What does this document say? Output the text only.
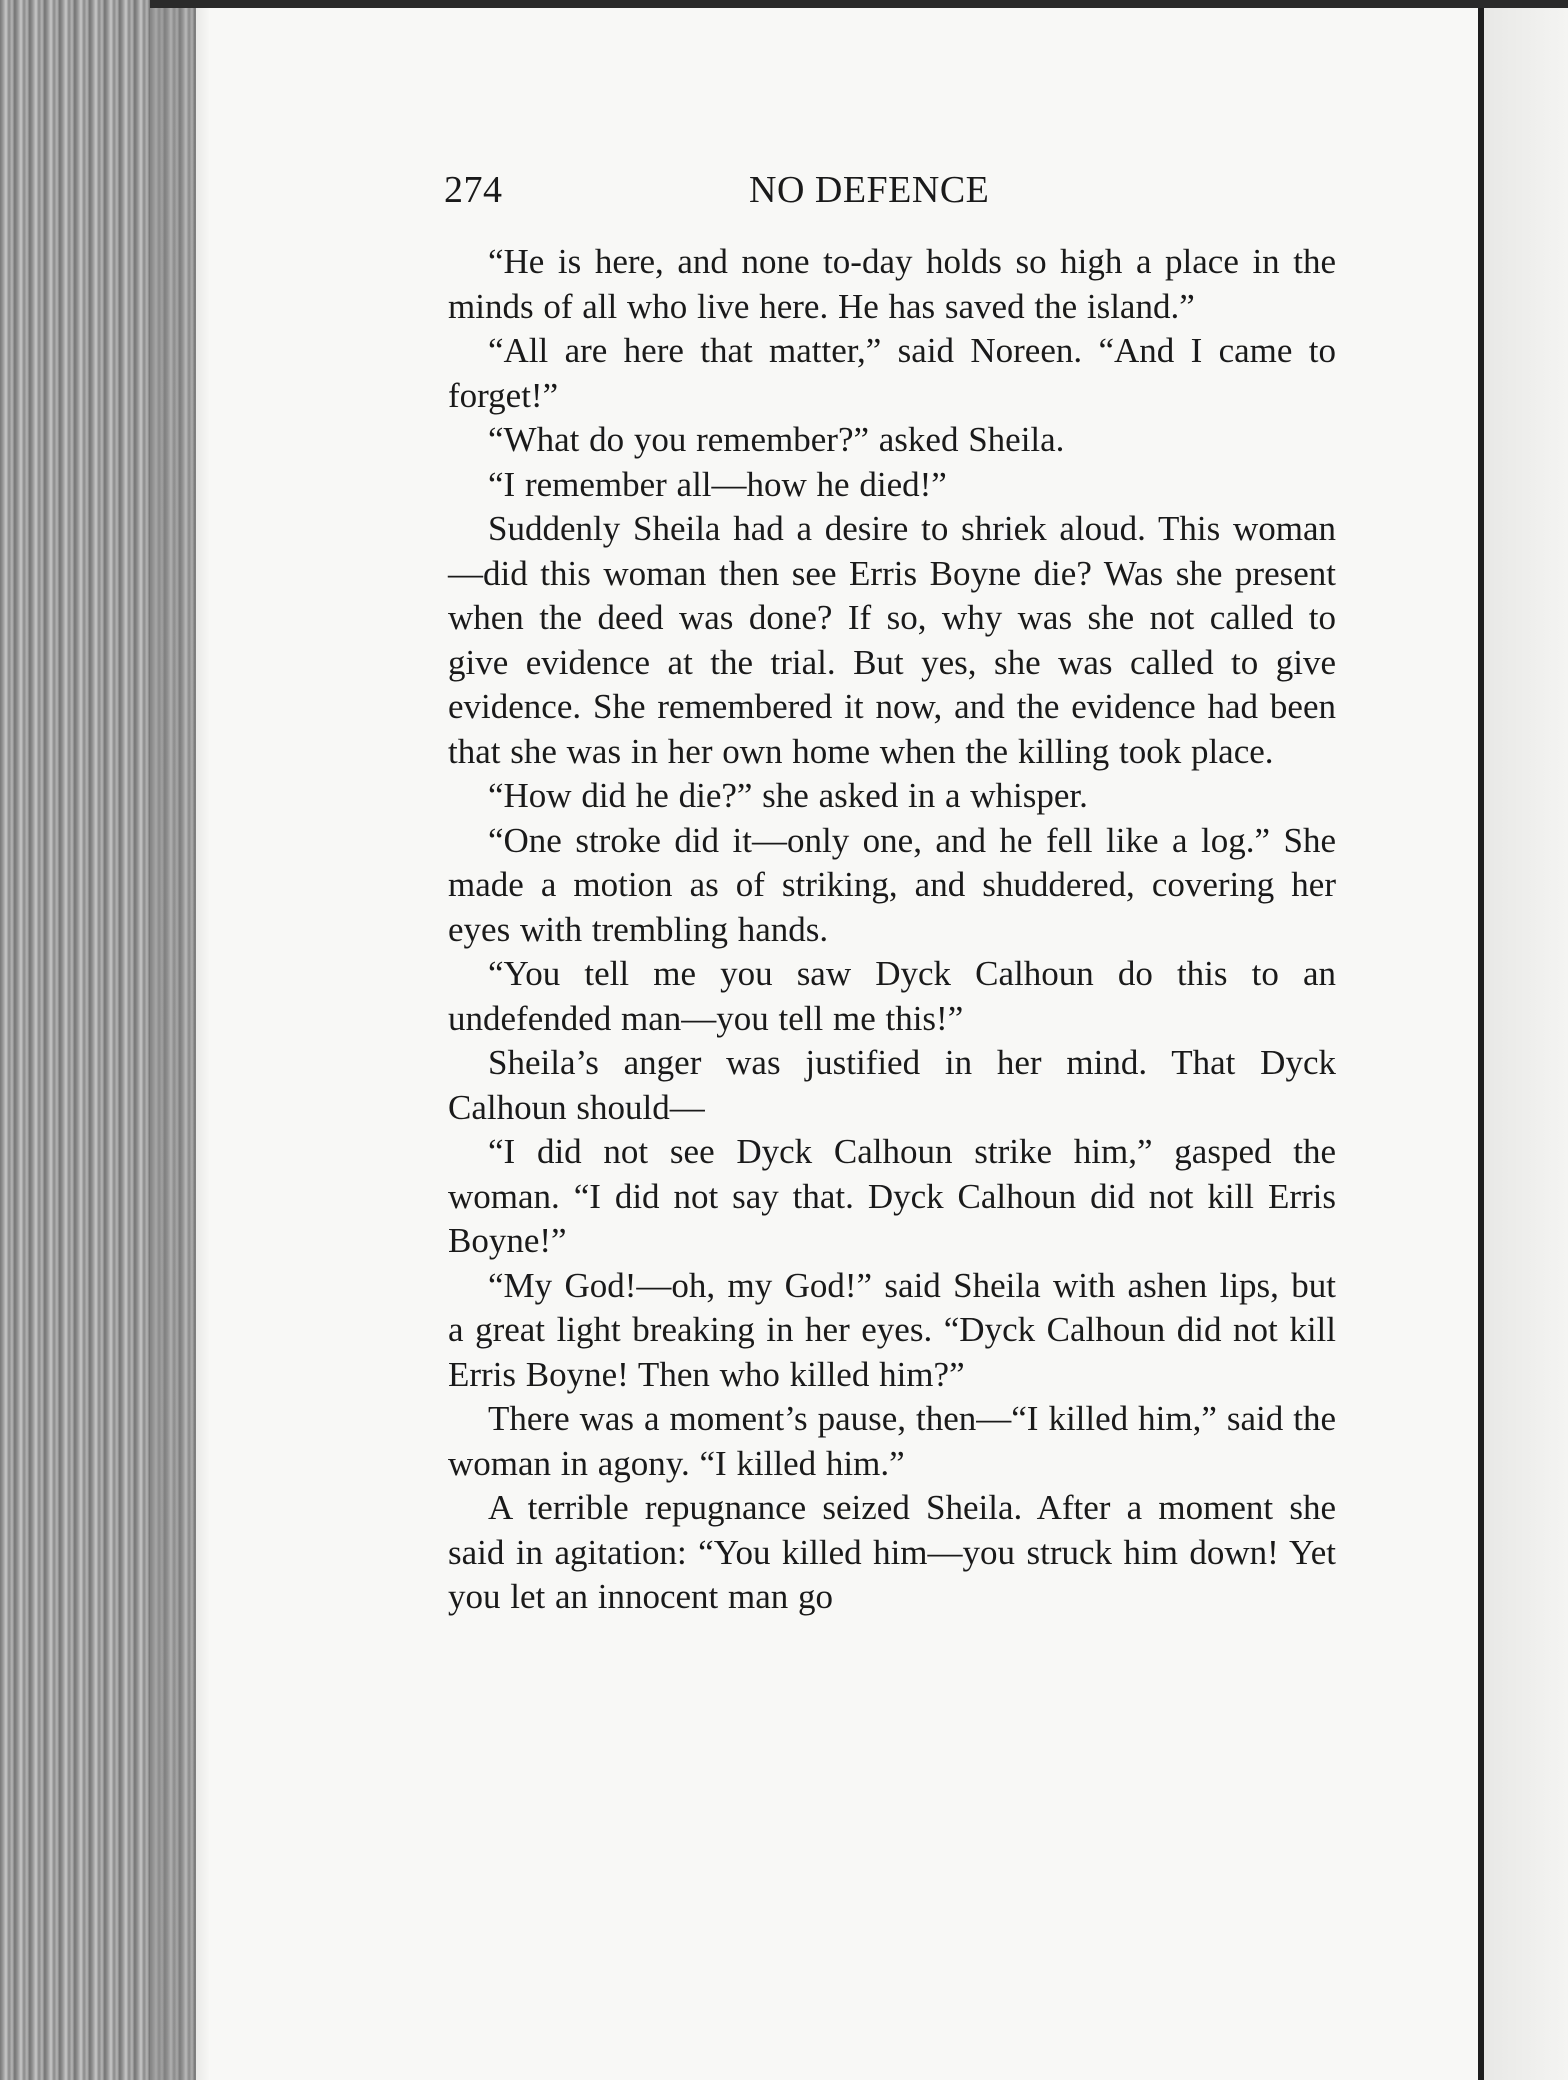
274	NO DEFENCE

“He is here, and none to-day holds so high a place in the minds of all who live here. He has saved the island.”

“All are here that matter,” said Noreen. “And I came to forget!”

“What do you remember?” asked Sheila.

“I remember all—how he died!”

Suddenly Sheila had a desire to shriek aloud. This woman—did this woman then see Erris Boyne die? Was she present when the deed was done? If so, why was she not called to give evidence at the trial. But yes, she was called to give evidence. She remembered it now, and the evidence had been that she was in her own home when the killing took place.

“How did he die?” she asked in a whisper.

“One stroke did it—only one, and he fell like a log.” She made a motion as of striking, and shuddered, covering her eyes with trembling hands.

“You tell me you saw Dyck Calhoun do this to an undefended man—you tell me this!”

Sheila’s anger was justified in her mind. That Dyck Calhoun should—

“I did not see Dyck Calhoun strike him,” gasped the woman. “I did not say that. Dyck Calhoun did not kill Erris Boyne!”

“My God!—oh, my God!” said Sheila with ashen lips, but a great light breaking in her eyes. “Dyck Calhoun did not kill Erris Boyne! Then who killed him?”

There was a moment’s pause, then—“I killed him,” said the woman in agony. “I killed him.”

A terrible repugnance seized Sheila. After a moment she said in agitation: “You killed him—you struck him down! Yet you let an innocent man go
